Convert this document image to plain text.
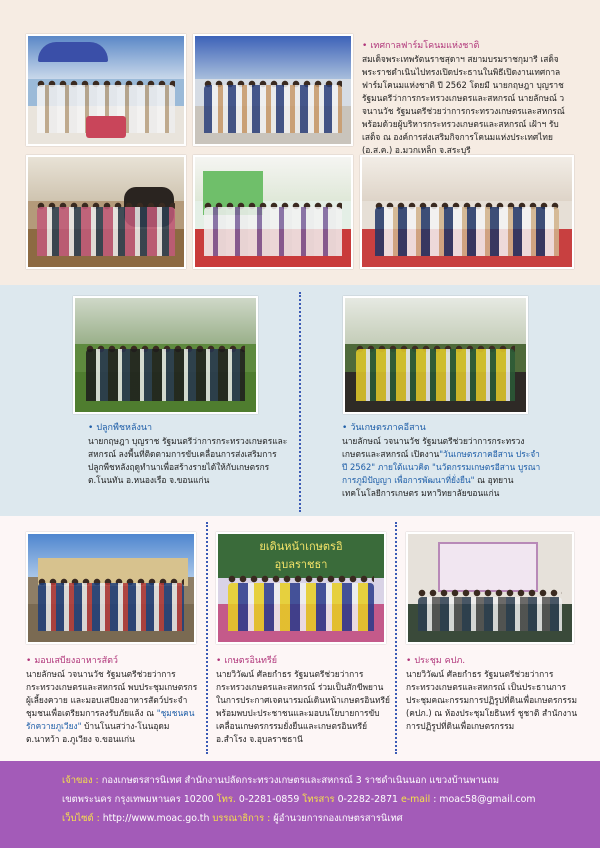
• เทศกาลฟาร์มโคนมแห่งชาติ
สมเด็จพระเทพรัตนราชสุดาฯ สยามบรมราชกุมารี เสด็จพระราชดำเนินไปทรงเปิดประธานในพิธีเปิดงานเทศกาลฟาร์มโคนมแห่งชาติ ปี 2562 โดยมี นายกฤษฎา บุญราช รัฐมนตรีว่าการกระทรวงเกษตรและสหกรณ์ นายลักษณ์ วจนานวัช รัฐมนตรีช่วยว่าการกระทรวงเกษตรและสหกรณ์ พร้อมด้วยผู้บริหารกระทรวงเกษตรและสหกรณ์ เฝ้าฯ รับเสด็จ ณ องค์การส่งเสริมกิจการโคนมแห่งประเทศไทย (อ.ส.ค.) อ.มวกเหล็ก จ.สระบุรี
• ปลูกพืชหลังนา
นายกฤษฎา บุญราช รัฐมนตรีว่าการกระทรวงเกษตรและสหกรณ์ ลงพื้นที่ติดตามการขับเคลื่อนการส่งเสริมการปลูกพืชหลังฤดูทำนาเพื่อสร้างรายได้ให้กับเกษตรกร ต.โนนทัน อ.หนองเรือ จ.ขอนแก่น
• วันเกษตรภาคอีสาน
นายลักษณ์ วจนานวัช รัฐมนตรีช่วยว่าการกระทรวงเกษตรและสหกรณ์ เปิดงาน"วันเกษตรภาคอีสาน ประจำปี 2562" ภายใต้แนวคิด "นวัตกรรมเกษตรอีสาน บูรณาการภูมิปัญญา เพื่อการพัฒนาที่ยั่งยืน" ณ อุทยานเทคโนโลยีการเกษตร มหาวิทยาลัยขอนแก่น
• มอบเสบียงอาหารสัตว์
นายลักษณ์ วจนานวัช รัฐมนตรีช่วยว่าการกระทรวงเกษตรและสหกรณ์ พบประชุมเกษตรกรผู้เลี้ยงควาย และมอบเสบียงอาหารสัตว์ประจำชุมชนเพื่อเตรียมการลงรับภัยแล้ง ณ "ชุมชนคนรักควายภูเวียง" บ้านโนนสว่าง-โนนอุดม ต.นาหว้า อ.ภูเวียง จ.ขอนแก่น
ยเดินหน้าเกษตรอิ
อุบลราชธา
• เกษตรอินทรีย์
นายวิวัฒน์ ศัลยกำธร รัฐมนตรีช่วยว่าการกระทรวงเกษตรและสหกรณ์ ร่วมเป็นสักขีพยานในการประกาศเจตนารมณ์เดินหน้าเกษตรอินทรีย์ พร้อมพบปะประชาชนและมอบนโยบายการขับเคลื่อนเกษตรกรรมยั่งยืนและเกษตรอินทรีย์ อ.สำโรง จ.อุบลราชธานี
• ประชุม คปภ.
นายวิวัฒน์ ศัลยกำธร รัฐมนตรีช่วยว่าการกระทรวงเกษตรและสหกรณ์ เป็นประธานการประชุมคณะกรรมการปฏิรูปที่ดินเพื่อเกษตรกรรม (คปภ.) ณ ห้องประชุมโยธินทร์ ชูชาติ สำนักงานการปฏิรูปที่ดินเพื่อเกษตรกรรม
เจ้าของ : กองเกษตรสารนิเทศ สำนักงานปลัดกระทรวงเกษตรและสหกรณ์ 3 ราชดำเนินนอก แขวงบ้านพานถม
เขตพระนคร กรุงเทพมหานคร 10200 โทร. 0-2281-0859 โทรสาร 0-2282-2871 e-mail : moac58@gmail.com
เว็บไซต์ : http://www.moac.go.th บรรณาธิการ : ผู้อำนวยการกองเกษตรสารนิเทศ
